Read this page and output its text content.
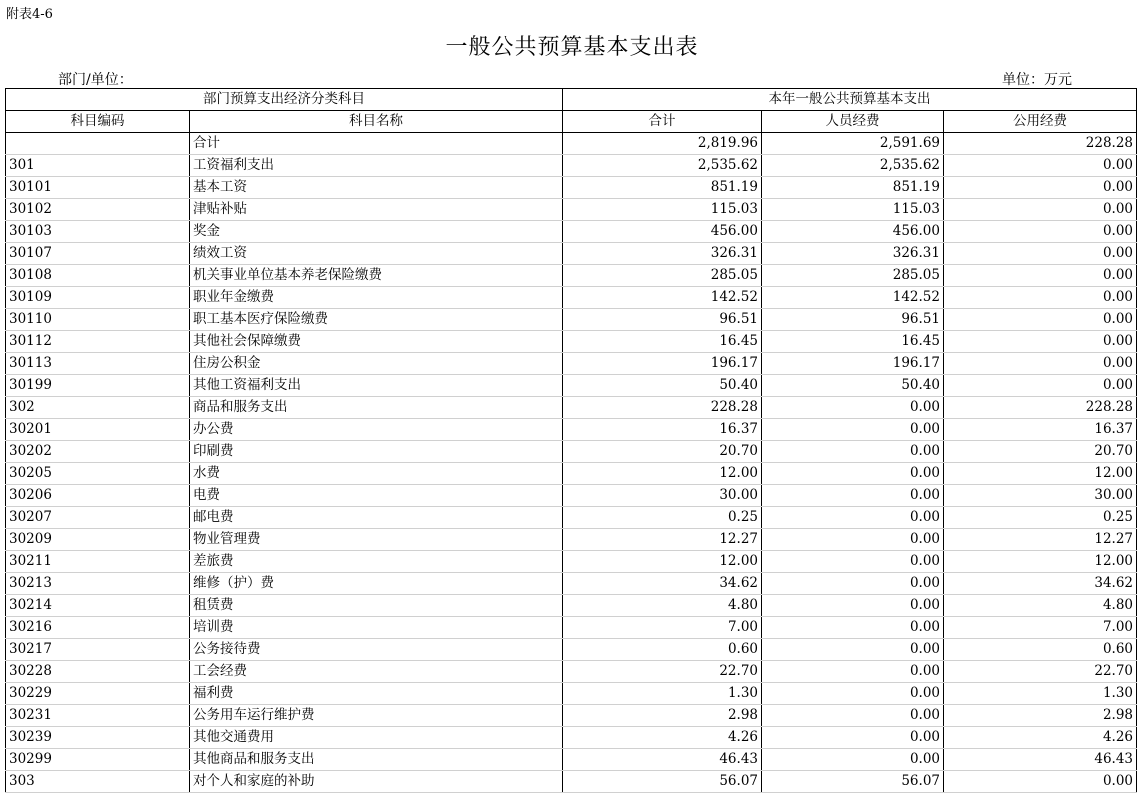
附表4-6
一般公共预算基本支出表
部门/单位：	单位：万元
部门预算支出经济分类科目		本年一般公共预算基本支出		
科目编码	科目名称	合计	人员经费	公用经费
	合计	2,819.96	2,591.69	228.28
301	工资福利支出	2,535.62	2,535.62	0.00
30101	基本工资	851.19	851.19	0.00
30102	津贴补贴	115.03	115.03	0.00
30103	奖金	456.00	456.00	0.00
30107	绩效工资	326.31	326.31	0.00
30108	机关事业单位基本养老保险缴费	285.05	285.05	0.00
30109	职业年金缴费	142.52	142.52	0.00
30110	职工基本医疗保险缴费	96.51	96.51	0.00
30112	其他社会保障缴费	16.45	16.45	0.00
30113	住房公积金	196.17	196.17	0.00
30199	其他工资福利支出	50.40	50.40	0.00
302	商品和服务支出	228.28	0.00	228.28
30201	办公费	16.37	0.00	16.37
30202	印刷费	20.70	0.00	20.70
30205	水费	12.00	0.00	12.00
30206	电费	30.00	0.00	30.00
30207	邮电费	0.25	0.00	0.25
30209	物业管理费	12.27	0.00	12.27
30211	差旅费	12.00	0.00	12.00
30213	维修（护）费	34.62	0.00	34.62
30214	租赁费	4.80	0.00	4.80
30216	培训费	7.00	0.00	7.00
30217	公务接待费	0.60	0.00	0.60
30228	工会经费	22.70	0.00	22.70
30229	福利费	1.30	0.00	1.30
30231	公务用车运行维护费	2.98	0.00	2.98
30239	其他交通费用	4.26	0.00	4.26
30299	其他商品和服务支出	46.43	0.00	46.43
303	对个人和家庭的补助	56.07	56.07	0.00
